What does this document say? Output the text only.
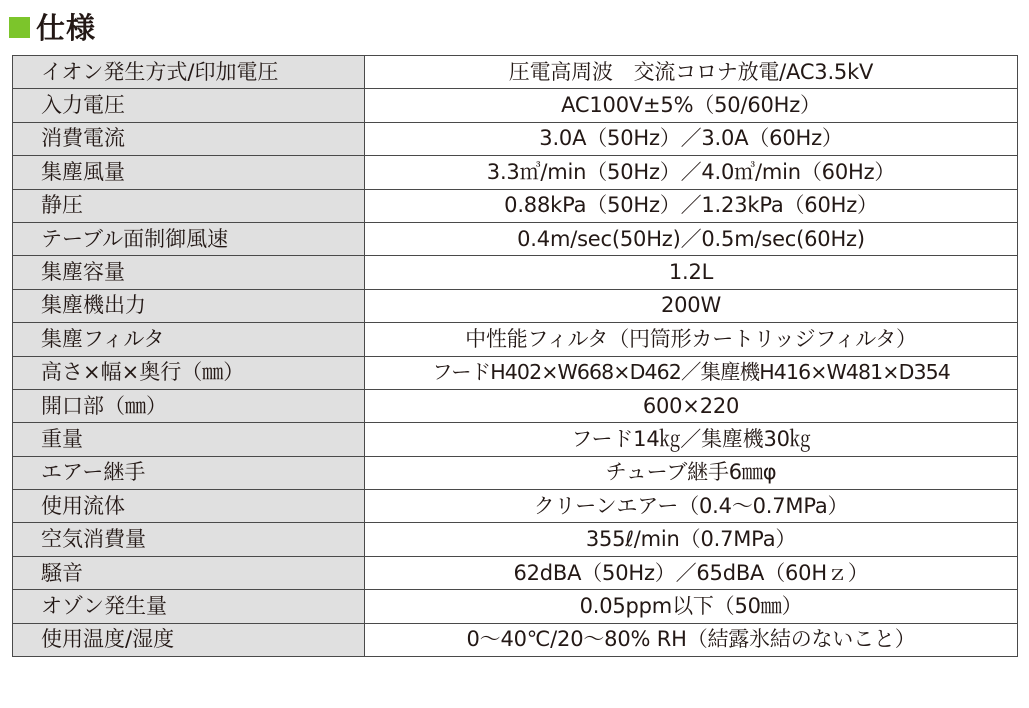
仕様
イオン発生方式/印加電圧	圧電高周波　交流コロナ放電/AC3.5kV
入力電圧	AC100V±5%（50/60Hz）
消費電流	3.0A（50Hz）／3.0A（60Hz）
集塵風量	3.3㎥/min（50Hz）／4.0㎥/min（60Hz）
静圧	0.88kPa（50Hz）／1.23kPa（60Hz）
テーブル面制御風速	0.4m/sec(50Hz)／0.5m/sec(60Hz)
集塵容量	1.2L
集塵機出力	200W
集塵フィルタ	中性能フィルタ（円筒形カートリッジフィルタ）
高さ×幅×奥行（㎜）	フードH402×W668×D462／集塵機H416×W481×D354
開口部（㎜）	600×220
重量	フード14㎏／集塵機30㎏
エアー継手	チューブ継手6㎜φ
使用流体	クリーンエアー（0.4～0.7MPa）
空気消費量	355ℓ/min（0.7MPa）
騒音	62dBA（50Hz）／65dBA（60Hｚ）
オゾン発生量	0.05ppm以下（50㎜）
使用温度/湿度	0～40℃/20～80% RH（結露氷結のないこと）
